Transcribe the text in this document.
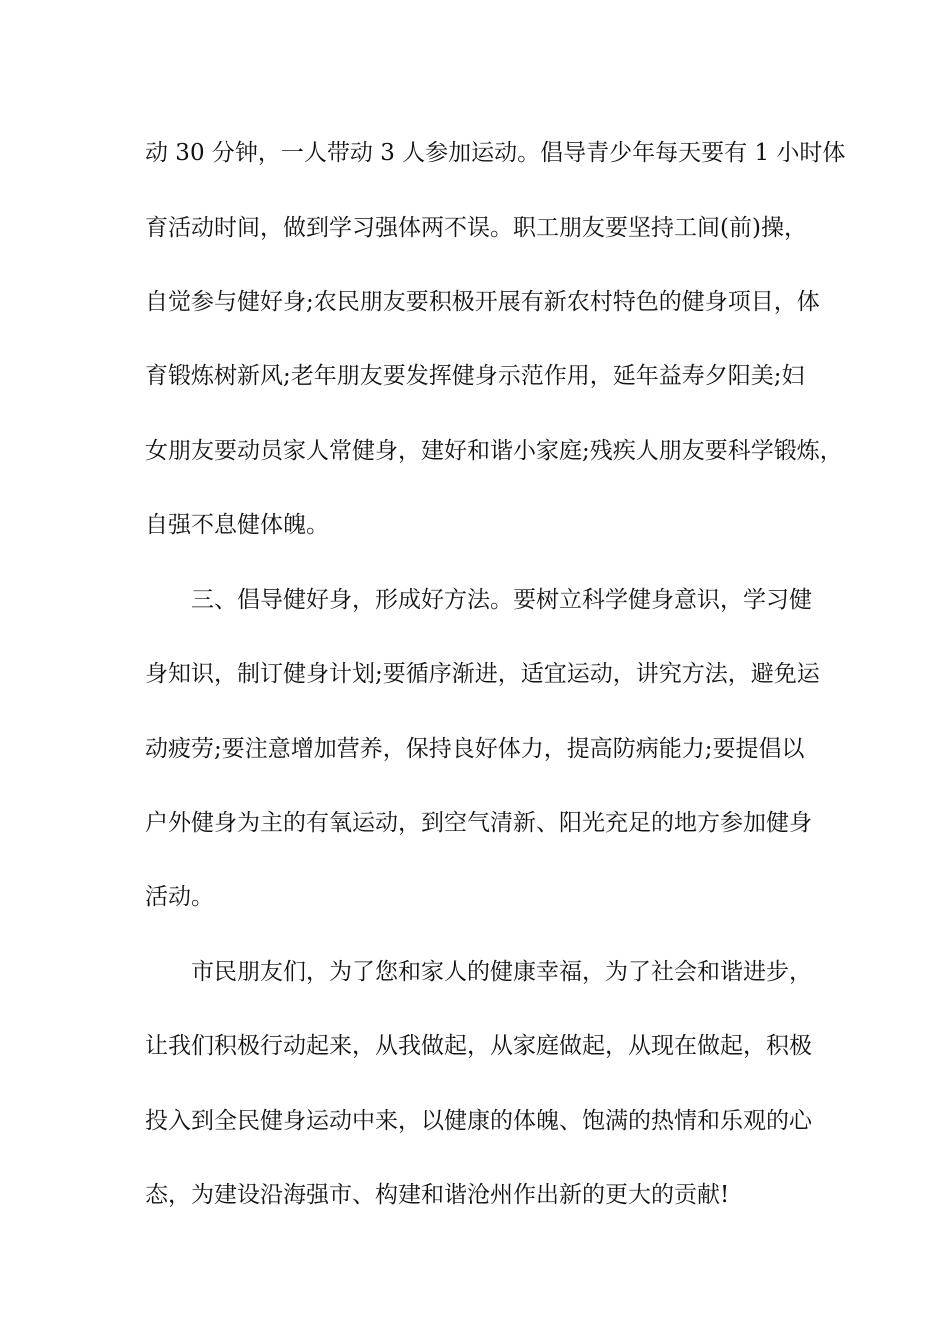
动 30 分钟，一人带动 3 人参加运动。倡导青少年每天要有 1 小时体
育活动时间，做到学习强体两不误。职工朋友要坚持工间(前)操，
自觉参与健好身;农民朋友要积极开展有新农村特色的健身项目，体
育锻炼树新风;老年朋友要发挥健身示范作用，延年益寿夕阳美;妇
女朋友要动员家人常健身，建好和谐小家庭;残疾人朋友要科学锻炼，
自强不息健体魄。
三、倡导健好身，形成好方法。要树立科学健身意识，学习健
身知识，制订健身计划;要循序渐进，适宜运动，讲究方法，避免运
动疲劳;要注意增加营养，保持良好体力，提高防病能力;要提倡以
户外健身为主的有氧运动，到空气清新、阳光充足的地方参加健身
活动。
市民朋友们，为了您和家人的健康幸福，为了社会和谐进步，
让我们积极行动起来，从我做起，从家庭做起，从现在做起，积极
投入到全民健身运动中来，以健康的体魄、饱满的热情和乐观的心
态，为建设沿海强市、构建和谐沧州作出新的更大的贡献!
